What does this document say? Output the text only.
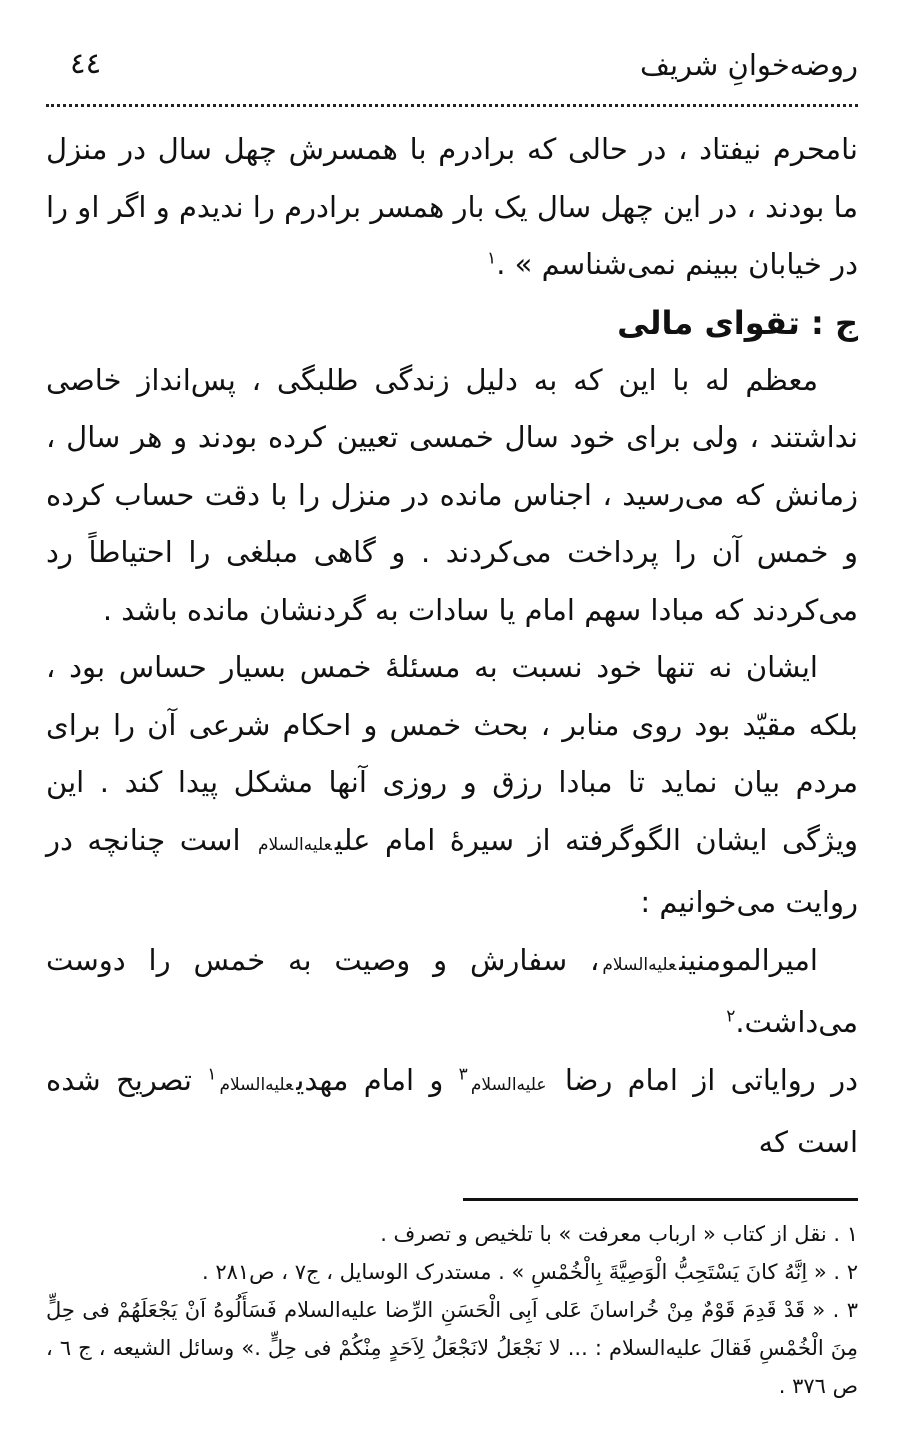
روضه‌خوانِ شریف
٤٤

نامحرم نیفتاد ، در حالی که برادرم با همسرش چهل سال در منزل ما بودند ، در این چهل سال یک بار همسر برادرم را ندیدم و اگر او را در خیابان ببینم نمی‌شناسم » .$^١$

ج : تقوای مالی

معظم له با این که به دلیل زندگی طلبگی ، پس‌انداز خاصی نداشتند ، ولی برای خود سال خمسی تعیین کرده بودند و هر سال ، زمانش که می‌رسید ، اجناس مانده در منزل را با دقت حساب کرده و خمس آن را پرداخت می‌کردند . و گاهی مبلغی را احتیاطاً رد می‌کردند که مبادا سهم امام یا سادات به گردنشان مانده باشد .

ایشان نه تنها خود نسبت به مسئلهٔ خمس بسیار حساس بود ، بلکه مقیّد بود روی منابر ، بحث خمس و احکام شرعی آن را برای مردم بیان نماید تا مبادا رزق و روزی آنها مشکل پیدا کند . این ویژگی ایشان الگوگرفته از سیرهٔ امام علیعلیه‌السلام است چنانچه در روایت می‌خوانیم :

امیرالمومنینعلیه‌السلام، سفارش و وصیت به خمس را دوست می‌داشت.$^٢$

در روایاتی از امام رضا علیه‌السلام$^٣$ و امام مهدیعلیه‌السلام$^١$ تصریح شده است که

١ . نقل از کتاب « ارباب معرفت » با تلخیص و تصرف .

٢ . « اِنَّهُ کانَ یَسْتَحِبُّ الْوَصِیَّةَ بِالْخُمْسِ » . مستدرک الوسایل ، ج٧ ، ص٢٨١ .

٣ . « قَدْ قَدِمَ قَوْمٌ مِنْ خُراسانَ عَلی اَبِی الْحَسَنِ الرِّضا علیه‌السلام فَسَأَلُوهُ اَنْ یَجْعَلَهُمْ فی حِلٍّ مِنَ الْخُمْسِ فَقالَ علیه‌السلام : ... لا نَجْعَلُ لانَجْعَلُ لِاَحَدٍ مِنْکُمْ فی حِلٍّ .» وسائل الشیعه ، ج ٦ ، ص ٣٧٦ .
